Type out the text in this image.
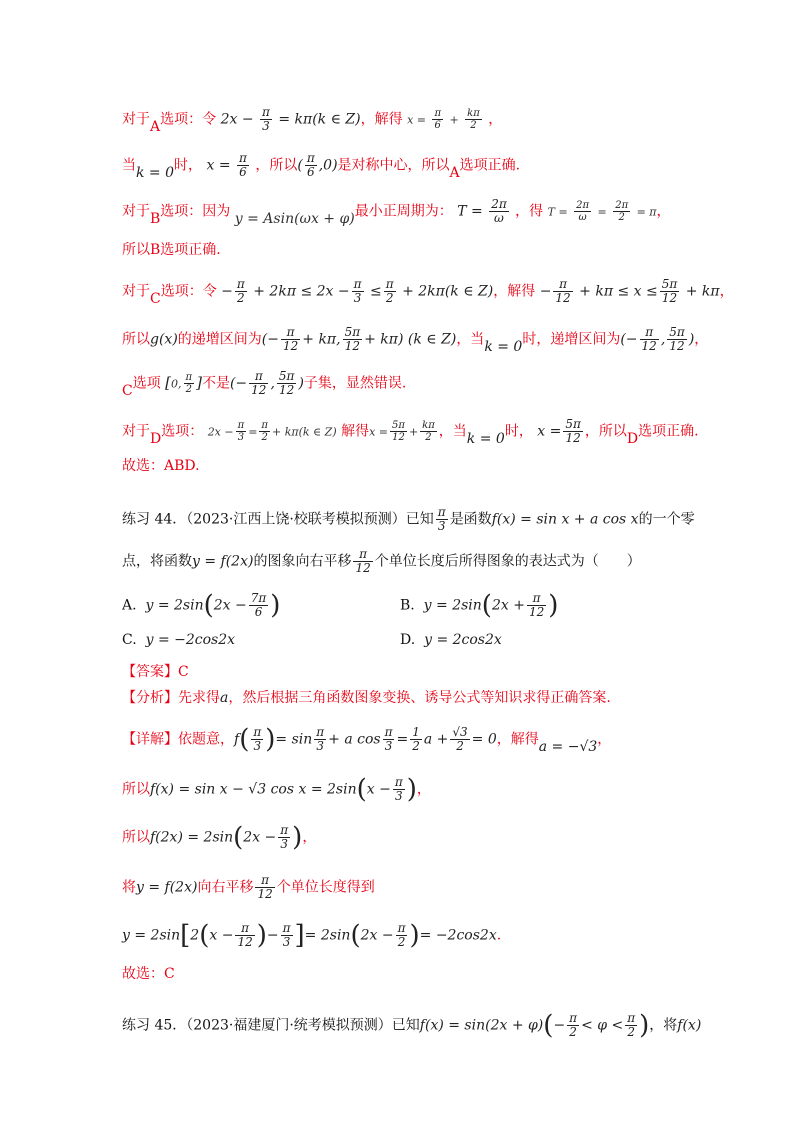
对于A选项：令 $2x - \frac{\pi}{3} = k\pi(k$ ∈ Z)，解得 $x = \frac{\pi}{6} + \frac{k\pi}{2}$ ，
当k = 0时， $x = \frac{\pi}{6}$ ，所以( $\frac{\pi}{6} ,0$)是对称中心，所以A选项正确.
对于B选项：因为 y = Asin(ωx + φ)最小正周期为： $T = \frac{2\pi}{\omega}$ ，得 $T = \frac{2\pi}{\omega} = \frac{2\pi}{2} = \pi$，
所以B选项正确.
对于C选项：令 − $\frac{\pi}{2} + 2k\pi \le 2x - \frac{\pi}{3} \le \frac{\pi}{2} + 2k\pi(k$ ∈ Z)，解得 − $\frac{\pi}{12} + k\pi \le x \le \frac{5\pi}{12} + k\pi$，
所以g(x)的递增区间为(− $\frac{\pi}{12} + k\pi$, $\frac{5\pi}{12} + k\pi$) (k ∈ Z)，当k = 0时，递增区间为(− $\frac{\pi}{12}$ , $\frac{5\pi}{12}$ )，
C选项 [0, $\frac{\pi}{2}$ ]不是(− $\frac{\pi}{12}$ , $\frac{5\pi}{12}$ )子集，显然错误.
对于D选项： $2x - \frac{\pi}{3} = \frac{\pi}{2} + k\pi(k$ ∈ Z) 解得$x = \frac{5\pi}{12} + \frac{k\pi}{2}$ ，当k = 0时， $x = \frac{5\pi}{12}$ ，所以D选项正确.
故选：ABD.
练习 44．（2023·江西上饶·校联考模拟预测）已知 $\frac{\pi}{3}$ 是函数f(x) = sin x + a cos x的一个零
点，将函数y = f(2x)的图象向右平移 $\frac{\pi}{12}$ 个单位长度后所得图象的表达式为（　　）
A. $y = 2\sin(2x - \frac{7\pi}{6}$ )	B. $y = 2\sin(2x + \frac{\pi}{12}$ )
C. y = −2cos2x	D. y = 2cos2x
【答案】C
【分析】先求得a，然后根据三角函数图象变换、诱导公式等知识求得正确答案.
【详解】依题意，$f( \frac{\pi}{3}$ )= $\sin \frac{\pi}{3} + a$ $\cos \frac{\pi}{3} = \frac{1}{2}$ $a + \frac{√3}{2} = 0$，解得a = −√3，
所以f(x) = sin x − √3 $\cos x = 2\sin(x - \frac{\pi}{3}$ )，
所以$f(2x) = 2\sin(2x - \frac{\pi}{3}$ )，
将y = f(2x)向右平移 $\frac{\pi}{12}$ 个单位长度得到
$y = 2\sin[2(x - \frac{\pi}{12}$ )− $\frac{\pi}{3}$ ]= $2\sin(2x - \frac{\pi}{2}$ )= −2cos2x.
故选：C
练习 45．（2023·福建厦门·统考模拟预测）已知$f(x) = \sin(2x + \varphi)(- \frac{\pi}{2} < \varphi < \frac{\pi}{2}$ )，将f(x)
